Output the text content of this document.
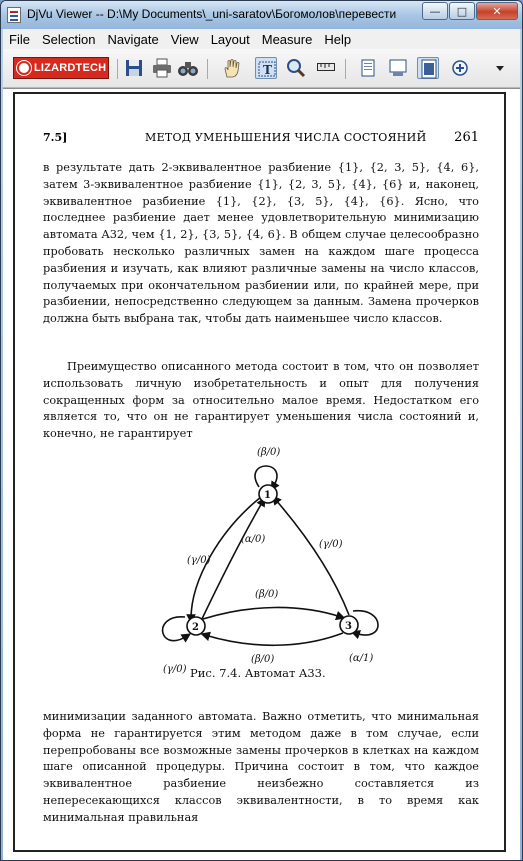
DjVu Viewer -- D:\My Documents\_uni-saratov\Богомолов\перевести	— □ ✕
File Selection Navigate View Layout Measure Help
LIZARDTECH	T
7.5]	МЕТОД УМЕНЬШЕНИЯ ЧИСЛА СОСТОЯНИЙ 261
в результате дать 2-эквивалентное разбиение {1}, {2, 3, 5}, {4, 6}, затем 3-эквивалентное разбиение {1}, {2, 3, 5}, {4}, {6} и, наконец, эквивалентное разбиение {1}, {2}, {3, 5}, {4}, {6}. Ясно, что последнее разбиение дает менее удовлетворительную минимизацию автомата A32, чем {1, 2}, {3, 5}, {4, 6}. В общем случае целесообразно пробовать несколько различных замен на каждом шаге процесса разбиения и изучать, как влияют различные замены на число классов, получаемых при окончательном разбиении или, по крайней мере, при разбиении, непосредственно следующем за данным. Замена прочерков должна быть выбрана так, чтобы дать наименьшее число классов.
Преимущество описанного метода состоит в том, что он позволяет использовать личную изобретательность и опыт для получения сокращенных форм за относительно малое время. Недостатком его является то, что он не гарантирует уменьшения числа состояний и, конечно, не гарантирует
1
2	3
(β/0)
(γ/0)
(α/0)	(γ/0)
(β/0)
(β/0)
(γ/0)
(α/1)
Рис. 7.4. Автомат A33.
минимизации заданного автомата. Важно отметить, что минимальная форма не гарантируется этим методом даже в том случае, если перепробованы все возможные замены прочерков в клетках на каждом шаге описанной процедуры. Причина состоит в том, что каждое эквивалентное разбиение неизбежно составляется из непересекающихся классов эквивалентности, в то время как минимальная правильная
